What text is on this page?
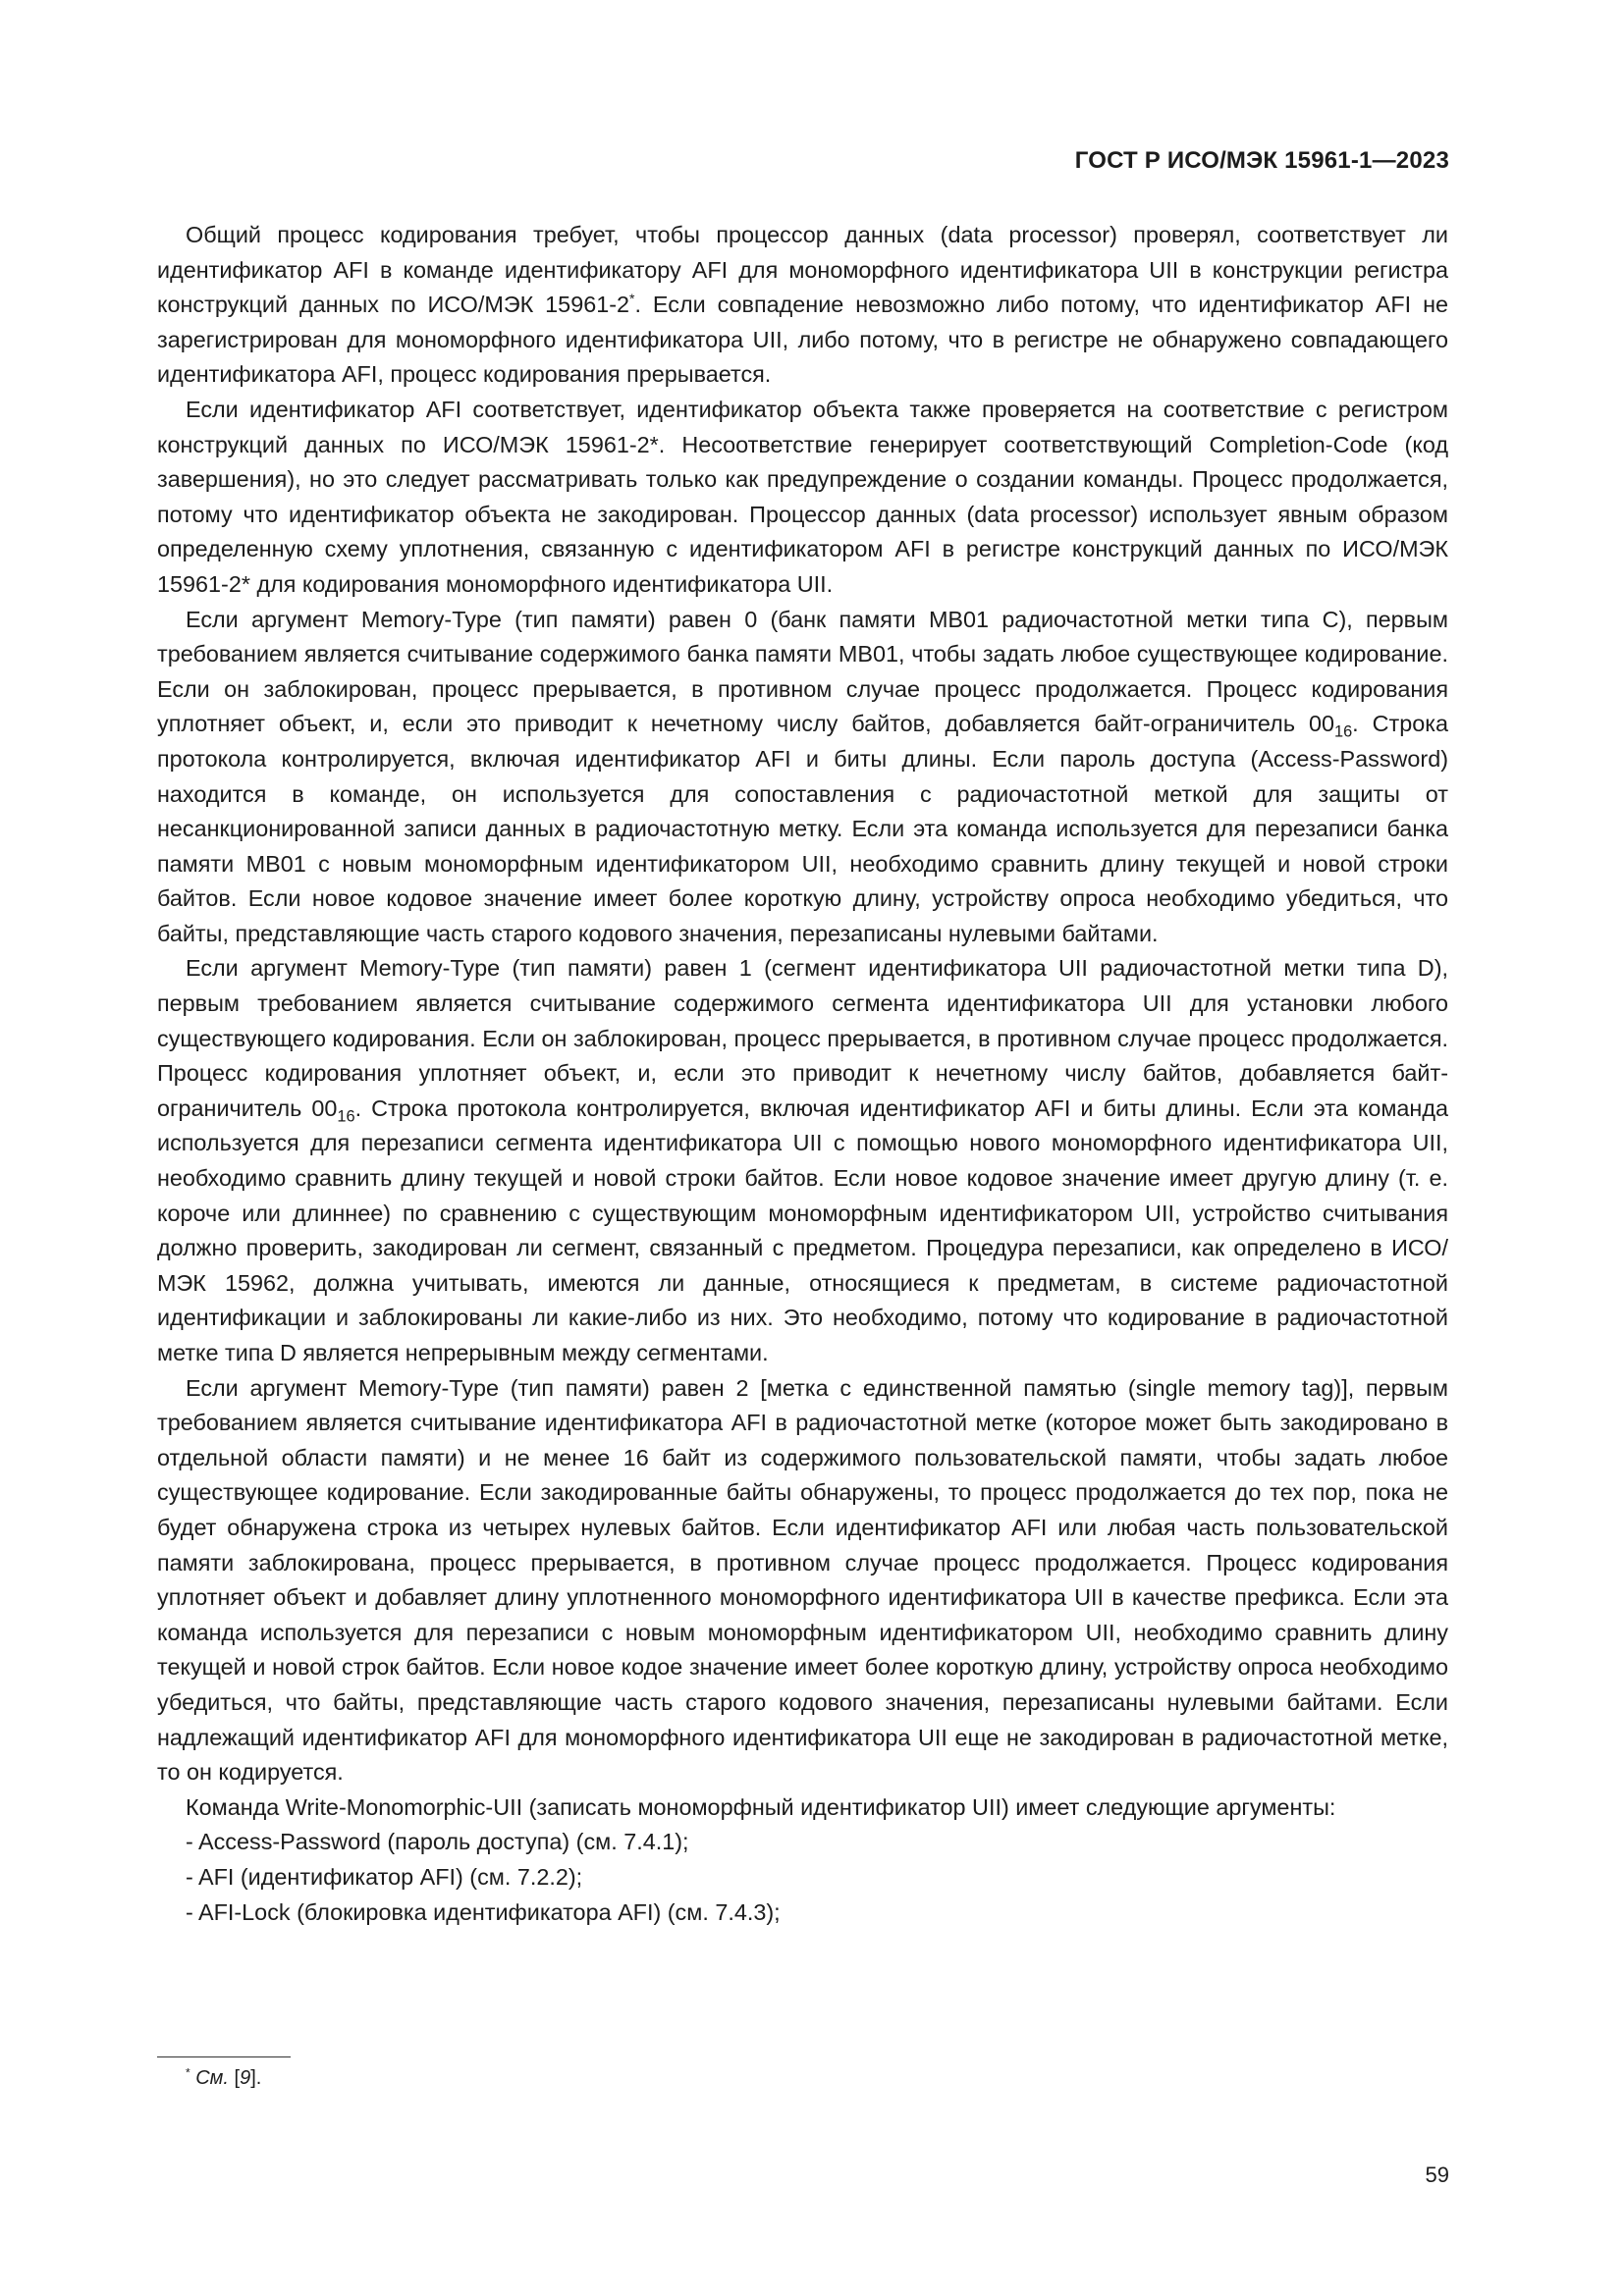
ГОСТ Р ИСО/МЭК 15961-1—2023

Общий процесс кодирования требует, чтобы процессор данных (data processor) проверял, соответствует ли идентификатор AFI в команде идентификатору AFI для мономорфного идентификатора UII в конструкции регистра конструкций данных по ИСО/МЭК 15961-2*. Если совпадение невозможно либо потому, что идентификатор AFI не зарегистрирован для мономорфного идентификатора UII, либо потому, что в регистре не обнаружено совпадающего идентификатора AFI, процесс кодирования прерывается.

Если идентификатор AFI соответствует, идентификатор объекта также проверяется на соответствие с регистром конструкций данных по ИСО/МЭК 15961-2*. Несоответствие генерирует соответствующий Completion-Code (код завершения), но это следует рассматривать только как предупреждение о создании команды. Процесс продолжается, потому что идентификатор объекта не закодирован. Процессор данных (data processor) использует явным образом определенную схему уплотнения, связанную с идентификатором AFI в регистре конструкций данных по ИСО/МЭК 15961-2* для кодирования мономорфного идентификатора UII.

Если аргумент Memory-Type (тип памяти) равен 0 (банк памяти MB01 радиочастотной метки типа C), первым требованием является считывание содержимого банка памяти MB01, чтобы задать любое существующее кодирование. Если он заблокирован, процесс прерывается, в противном случае процесс продолжается. Процесс кодирования уплотняет объект, и, если это приводит к нечетному числу байтов, добавляется байт-ограничитель $00_{16}$. Строка протокола контролируется, включая идентификатор AFI и биты длины. Если пароль доступа (Access-Password) находится в команде, он используется для сопоставления с радиочастотной меткой для защиты от несанкционированной записи данных в радиочастотную метку. Если эта команда используется для перезаписи банка памяти MB01 с новым мономорфным идентификатором UII, необходимо сравнить длину текущей и новой строки байтов. Если новое кодовое значение имеет более короткую длину, устройству опроса необходимо убедиться, что байты, представляющие часть старого кодового значения, перезаписаны нулевыми байтами.

Если аргумент Memory-Type (тип памяти) равен 1 (сегмент идентификатора UII радиочастотной метки типа D), первым требованием является считывание содержимого сегмента идентификатора UII для установки любого существующего кодирования. Если он заблокирован, процесс прерывается, в противном случае процесс продолжается. Процесс кодирования уплотняет объект, и, если это приводит к нечетному числу байтов, добавляется байт-ограничитель $00_{16}$. Строка протокола контролируется, включая идентификатор AFI и биты длины. Если эта команда используется для перезаписи сегмента идентификатора UII с помощью нового мономорфного идентификатора UII, необходимо сравнить длину текущей и новой строки байтов. Если новое кодовое значение имеет другую длину (т. е. короче или длиннее) по сравнению с существующим мономорфным идентификатором UII, устройство считывания должно проверить, закодирован ли сегмент, связанный с предметом. Процедура перезаписи, как определено в ИСО/МЭК 15962, должна учитывать, имеются ли данные, относящиеся к предметам, в системе радиочастотной идентификации и заблокированы ли какие-либо из них. Это необходимо, потому что кодирование в радиочастотной метке типа D является непрерывным между сегментами.

Если аргумент Memory-Type (тип памяти) равен 2 [метка с единственной памятью (single memory tag)], первым требованием является считывание идентификатора AFI в радиочастотной метке (которое может быть закодировано в отдельной области памяти) и не менее 16 байт из содержимого пользовательской памяти, чтобы задать любое существующее кодирование. Если закодированные байты обнаружены, то процесс продолжается до тех пор, пока не будет обнаружена строка из четырех нулевых байтов. Если идентификатор AFI или любая часть пользовательской памяти заблокирована, процесс прерывается, в противном случае процесс продолжается. Процесс кодирования уплотняет объект и добавляет длину уплотненного мономорфного идентификатора UII в качестве префикса. Если эта команда используется для перезаписи с новым мономорфным идентификатором UII, необходимо сравнить длину текущей и новой строк байтов. Если новое кодое значение имеет более короткую длину, устройству опроса необходимо убедиться, что байты, представляющие часть старого кодового значения, перезаписаны нулевыми байтами. Если надлежащий идентификатор AFI для мономорфного идентификатора UII еще не закодирован в радиочастотной метке, то он кодируется.

Команда Write-Monomorphic-UII (записать мономорфный идентификатор UII) имеет следующие аргументы:

- Access-Password (пароль доступа) (см. 7.4.1);
- AFI (идентификатор AFI) (см. 7.2.2);
- AFI-Lock (блокировка идентификатора AFI) (см. 7.4.3);
* См. [9].
59
